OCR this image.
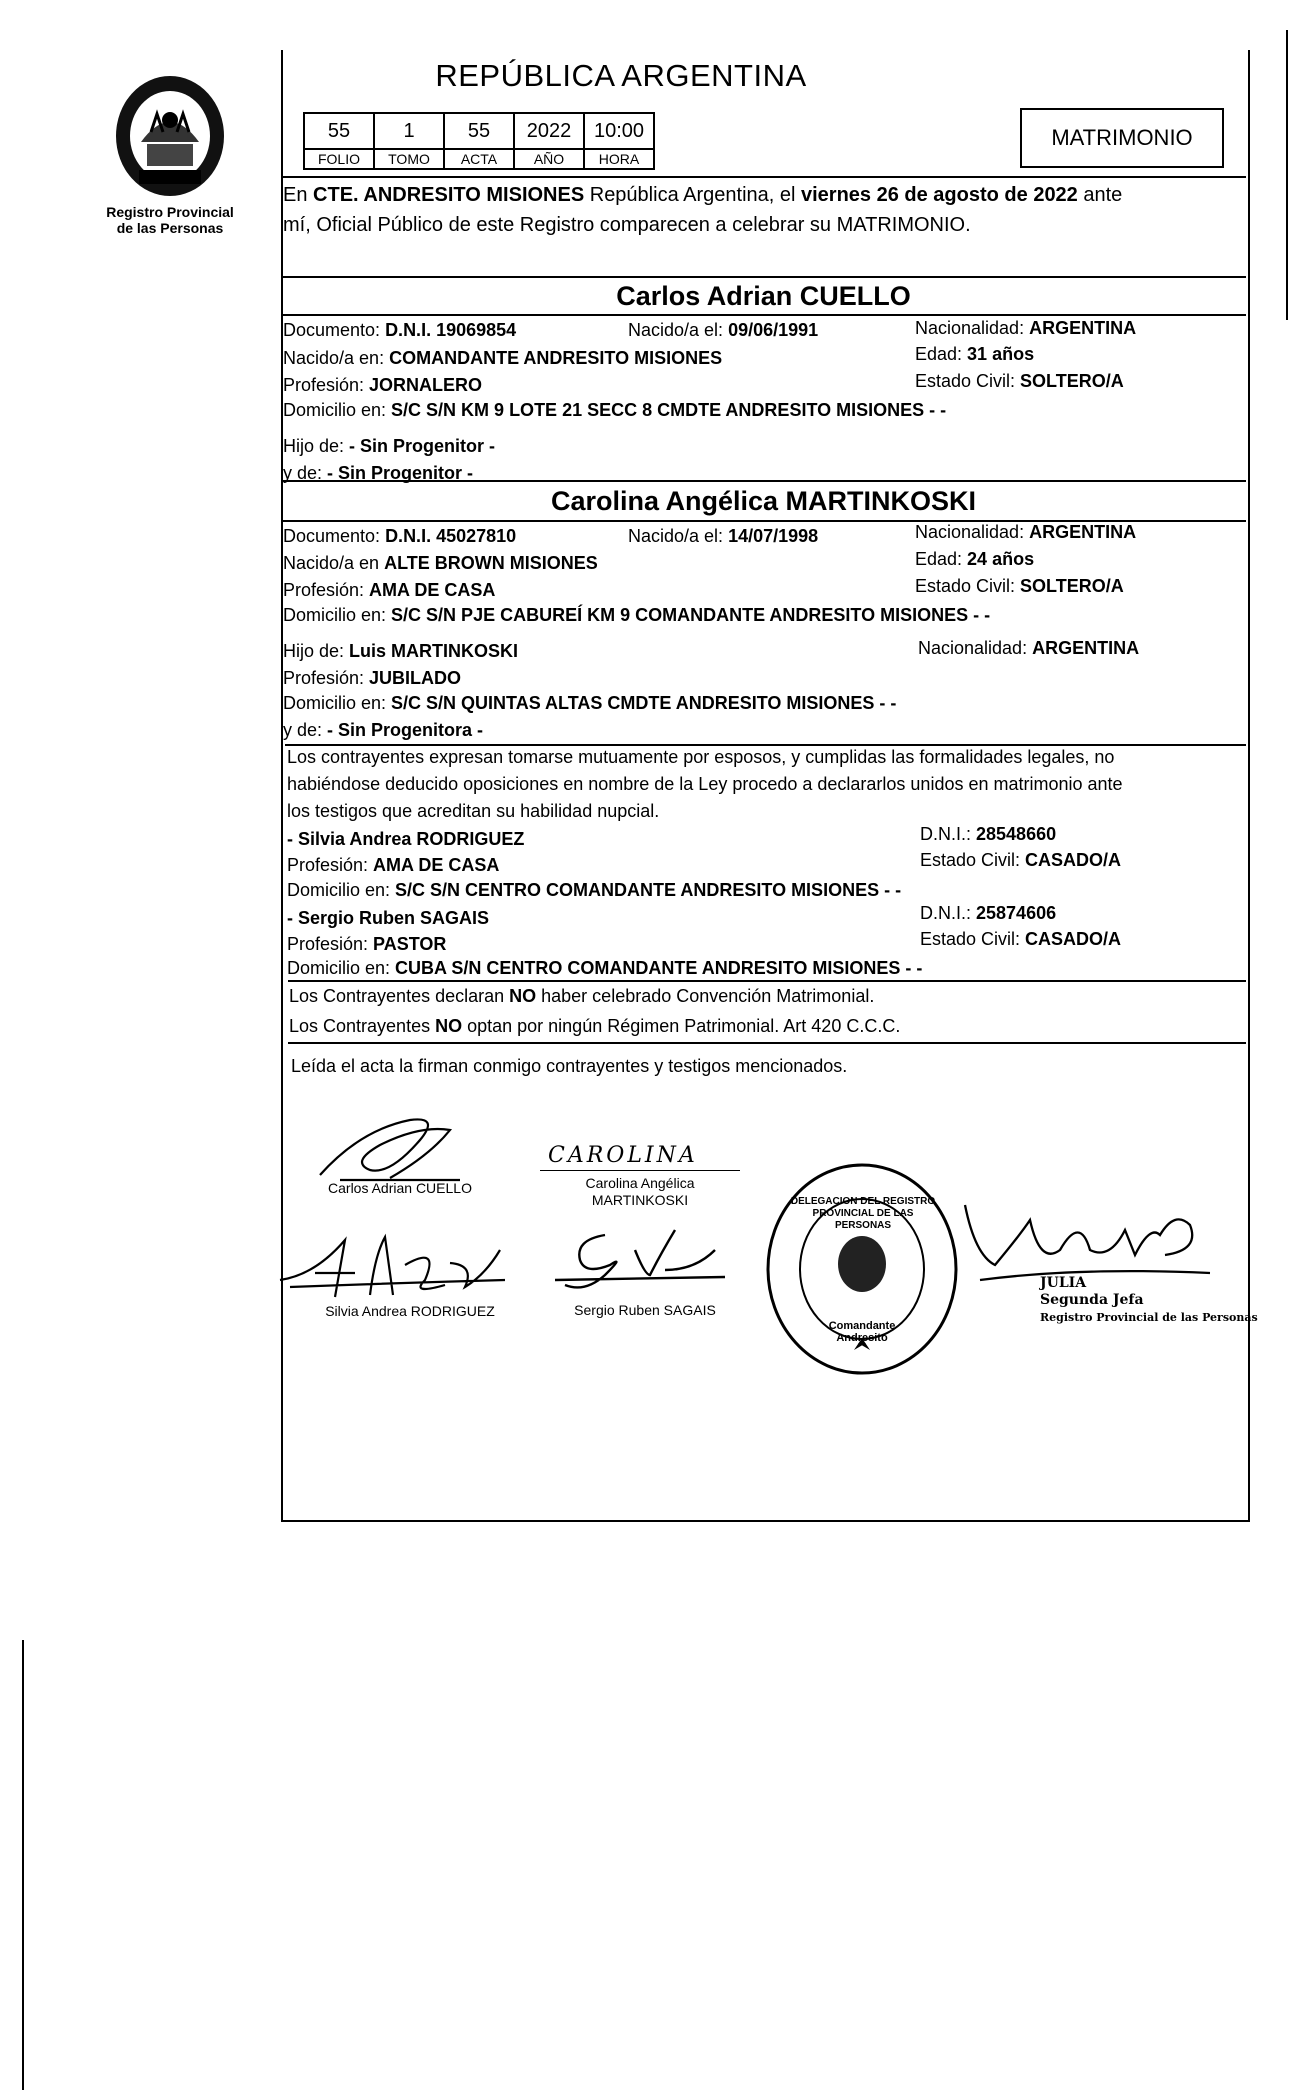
Registro Provincial
de las Personas
REPÚBLICA ARGENTINA
55	1	55	2022	10:00
FOLIO	TOMO	ACTA	AÑO	HORA
MATRIMONIO
En CTE. ANDRESITO MISIONES República Argentina, el viernes 26 de agosto de 2022 ante
mí, Oficial Público de este Registro comparecen a celebrar su MATRIMONIO.
Carlos Adrian CUELLO
Documento: D.N.I. 19069854	Nacido/a el: 09/06/1991	Nacionalidad: ARGENTINA
Nacido/a en: COMANDANTE ANDRESITO MISIONES	Edad: 31 años
Profesión: JORNALERO	Estado Civil: SOLTERO/A
Domicilio en: S/C S/N KM 9 LOTE 21 SECC 8 CMDTE ANDRESITO MISIONES - -
Hijo de: - Sin Progenitor -
y de: - Sin Progenitor -
Carolina Angélica MARTINKOSKI
Documento: D.N.I. 45027810	Nacido/a el: 14/07/1998	Nacionalidad: ARGENTINA
Nacido/a en ALTE BROWN MISIONES	Edad: 24 años
Profesión: AMA DE CASA	Estado Civil: SOLTERO/A
Domicilio en: S/C S/N PJE CABUREÍ KM 9 COMANDANTE ANDRESITO MISIONES - -
Hijo de: Luis MARTINKOSKI	Nacionalidad: ARGENTINA
Profesión: JUBILADO
Domicilio en: S/C S/N QUINTAS ALTAS CMDTE ANDRESITO MISIONES - -
y de: - Sin Progenitora -
Los contrayentes expresan tomarse mutuamente por esposos, y cumplidas las formalidades legales, no
habiéndose deducido oposiciones en nombre de la Ley procedo a declararlos unidos en matrimonio ante
los testigos que acreditan su habilidad nupcial.
- Silvia Andrea RODRIGUEZ	D.N.I.: 28548660
Profesión: AMA DE CASA	Estado Civil: CASADO/A
Domicilio en: S/C S/N CENTRO COMANDANTE ANDRESITO MISIONES - -
- Sergio Ruben SAGAIS	D.N.I.: 25874606
Profesión: PASTOR	Estado Civil: CASADO/A
Domicilio en: CUBA S/N CENTRO COMANDANTE ANDRESITO MISIONES - -
Los Contrayentes declaran NO haber celebrado Convención Matrimonial.
Los Contrayentes NO optan por ningún Régimen Patrimonial. Art 420 C.C.C.
Leída el acta la firman conmigo contrayentes y testigos mencionados.
Carlos Adrian CUELLO
CAROLINA
Carolina Angélica
MARTINKOSKI
Silvia Andrea RODRIGUEZ	Sergio Ruben SAGAIS
DELEGACION DEL REGISTRO PROVINCIAL DE LAS PERSONAS
Comandante Andresito
JULIA
Segunda Jefa
Registro Provincial de las Personas
